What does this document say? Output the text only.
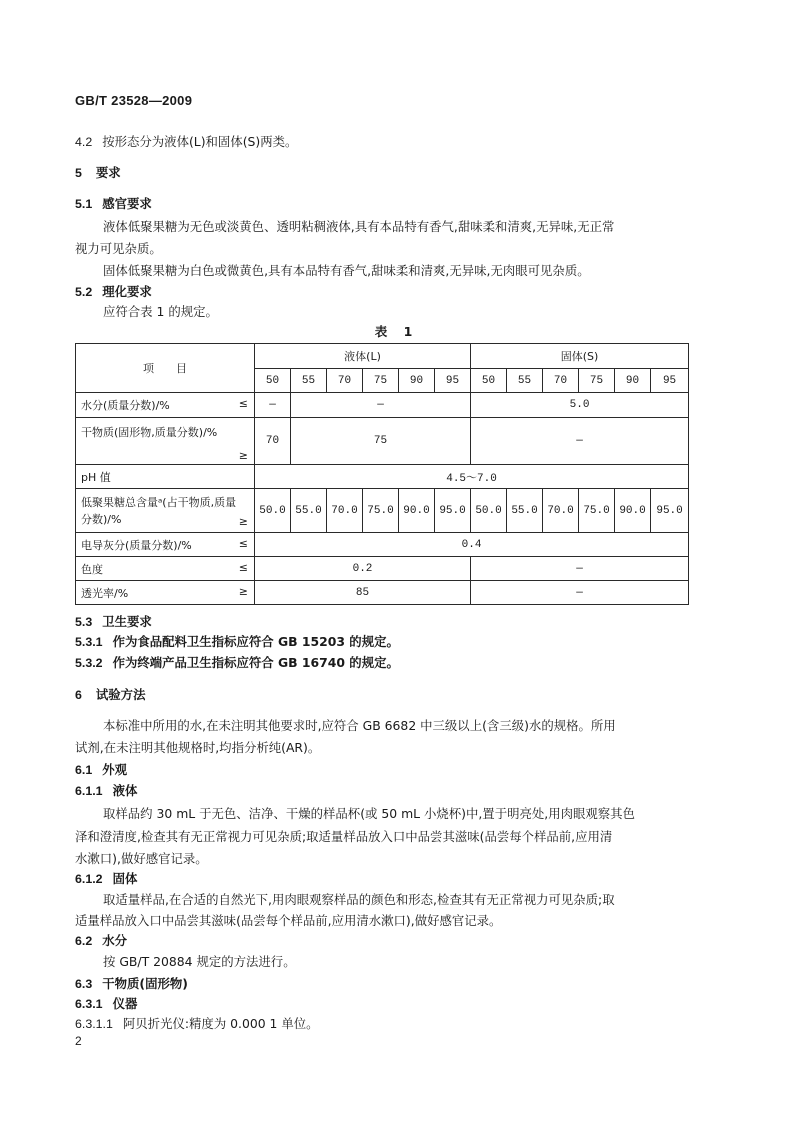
GB/T 23528—2009
4.2 按形态分为液体(L)和固体(S)两类。
5 要求
5.1 感官要求
液体低聚果糖为无色或淡黄色、透明粘稠液体,具有本品特有香气,甜味柔和清爽,无异味,无正常
视力可见杂质。
固体低聚果糖为白色或微黄色,具有本品特有香气,甜味柔和清爽,无异味,无肉眼可见杂质。
5.2 理化要求
应符合表 1 的规定。
表 1
项　　目	液体(L)						固体(S)					
	50	55	70	75	90	95	50	55	70	75	90	95
水分(质量分数)/% ≤	—	—					5.0					
干物质(固形物,质量分数)/%
≥	70	75					—					
pH 值	4.5～7.0											
低聚果糖总含量ᵃ(占干物质,质量分数)/% ≥	50.0	55.0	70.0	75.0	90.0	95.0	50.0	55.0	70.0	75.0	90.0	95.0
电导灰分(质量分数)/% ≤	0.4											
色度 ≤	0.2						—					
透光率/% ≥	85						—					
5.3 卫生要求
5.3.1 作为食品配料卫生指标应符合 GB 15203 的规定。
5.3.2 作为终端产品卫生指标应符合 GB 16740 的规定。
6 试验方法
本标准中所用的水,在未注明其他要求时,应符合 GB 6682 中三级以上(含三级)水的规格。所用
试剂,在未注明其他规格时,均指分析纯(AR)。
6.1 外观
6.1.1 液体
取样品约 30 mL 于无色、洁净、干燥的样品杯(或 50 mL 小烧杯)中,置于明亮处,用肉眼观察其色
泽和澄清度,检查其有无正常视力可见杂质;取适量样品放入口中品尝其滋味(品尝每个样品前,应用清
水漱口),做好感官记录。
6.1.2 固体
取适量样品,在合适的自然光下,用肉眼观察样品的颜色和形态,检查其有无正常视力可见杂质;取
适量样品放入口中品尝其滋味(品尝每个样品前,应用清水漱口),做好感官记录。
6.2 水分
按 GB/T 20884 规定的方法进行。
6.3 干物质(固形物)
6.3.1 仪器
6.3.1.1 阿贝折光仪:精度为 0.000 1 单位。
2
